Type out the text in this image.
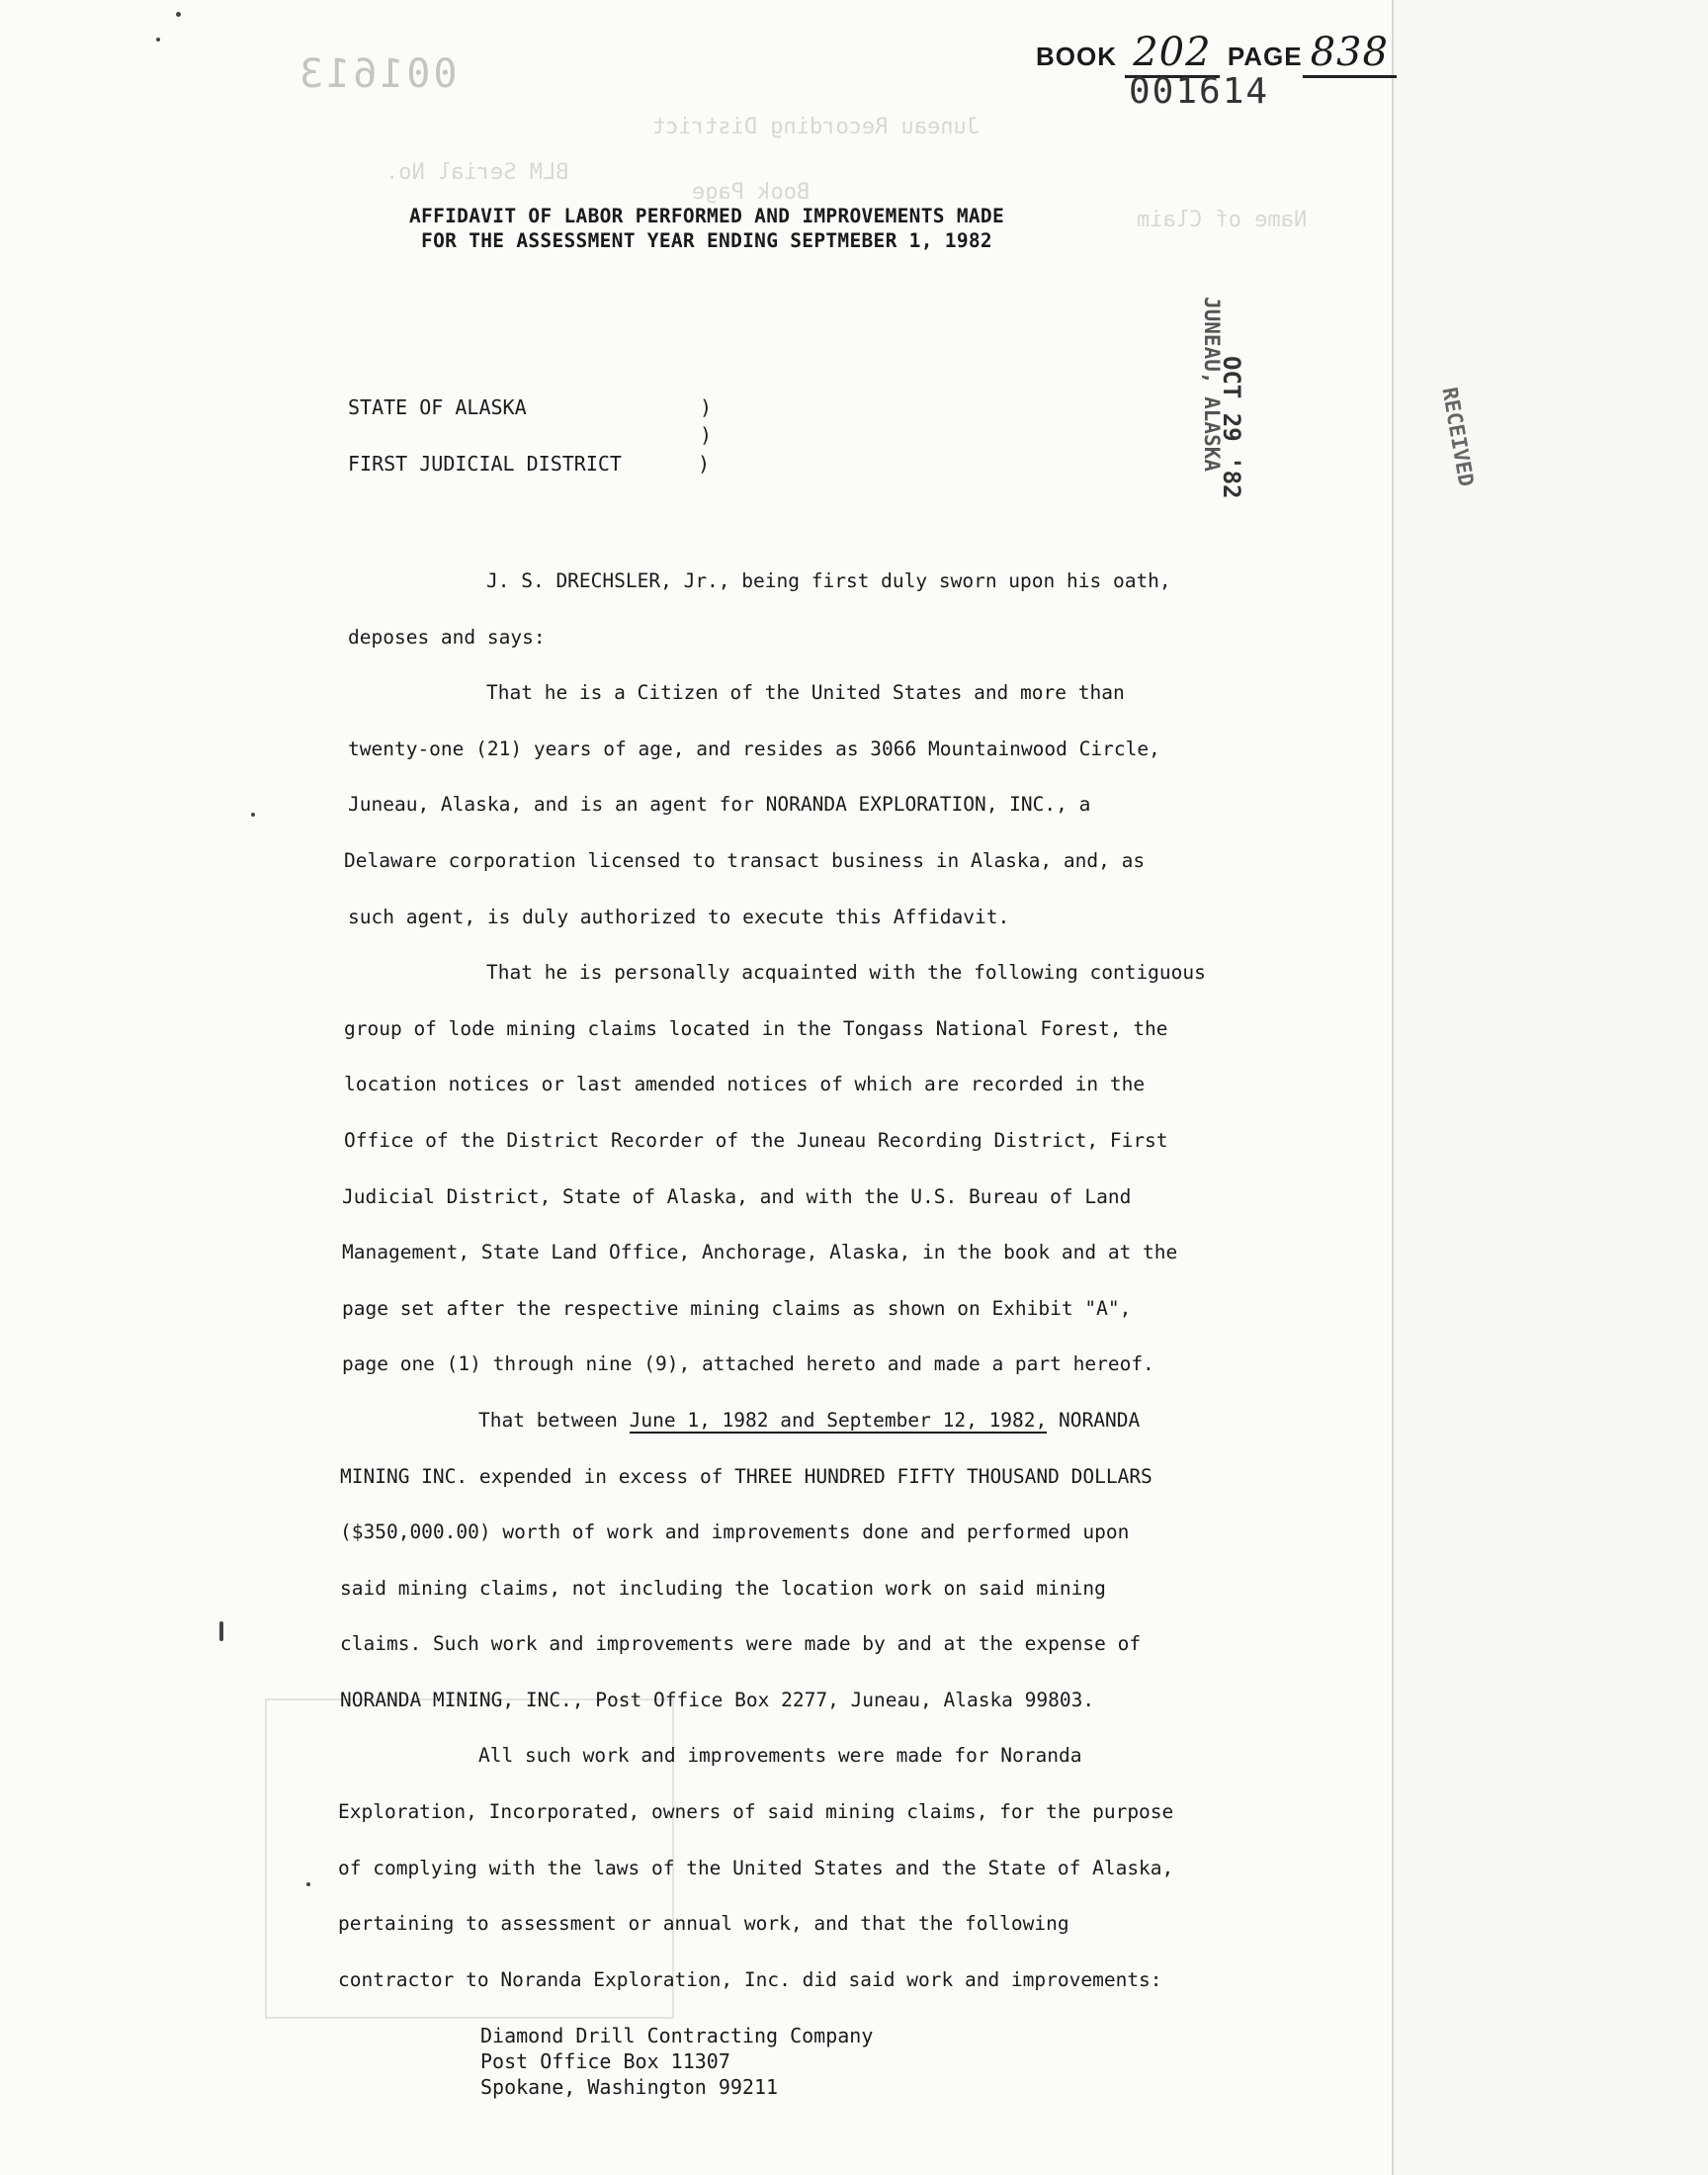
001613
Juneau Recording District
Book Page
BLM Serial No.
Name of Claim
BOOK 202 PAGE 838
001614
OCT 29 '82
JUNEAU, ALASKA	RECEIVED
AFFIDAVIT OF LABOR PERFORMED AND IMPROVEMENTS MADE
FOR THE ASSESSMENT YEAR ENDING SEPTMEBER 1, 1982
STATE OF ALASKA	)
)
FIRST JUDICIAL DISTRICT	)
J. S. DRECHSLER, Jr., being first duly sworn upon his oath,
deposes and says:
That he is a Citizen of the United States and more than
twenty-one (21) years of age, and resides as 3066 Mountainwood Circle,
Juneau, Alaska, and is an agent for NORANDA EXPLORATION, INC., a
Delaware corporation licensed to transact business in Alaska, and, as
such agent, is duly authorized to execute this Affidavit.
That he is personally acquainted with the following contiguous
group of lode mining claims located in the Tongass National Forest, the
location notices or last amended notices of which are recorded in the
Office of the District Recorder of the Juneau Recording District, First
Judicial District, State of Alaska, and with the U.S. Bureau of Land
Management, State Land Office, Anchorage, Alaska, in the book and at the
page set after the respective mining claims as shown on Exhibit "A",
page one (1) through nine (9), attached hereto and made a part hereof.
That between June 1, 1982 and September 12, 1982, NORANDA
MINING INC. expended in excess of THREE HUNDRED FIFTY THOUSAND DOLLARS
($350,000.00) worth of work and improvements done and performed upon
said mining claims, not including the location work on said mining
claims. Such work and improvements were made by and at the expense of
NORANDA MINING, INC., Post Office Box 2277, Juneau, Alaska 99803.
All such work and improvements were made for Noranda
Exploration, Incorporated, owners of said mining claims, for the purpose
of complying with the laws of the United States and the State of Alaska,
pertaining to assessment or annual work, and that the following
contractor to Noranda Exploration, Inc. did said work and improvements:
Diamond Drill Contracting Company
Post Office Box 11307
Spokane, Washington 99211
